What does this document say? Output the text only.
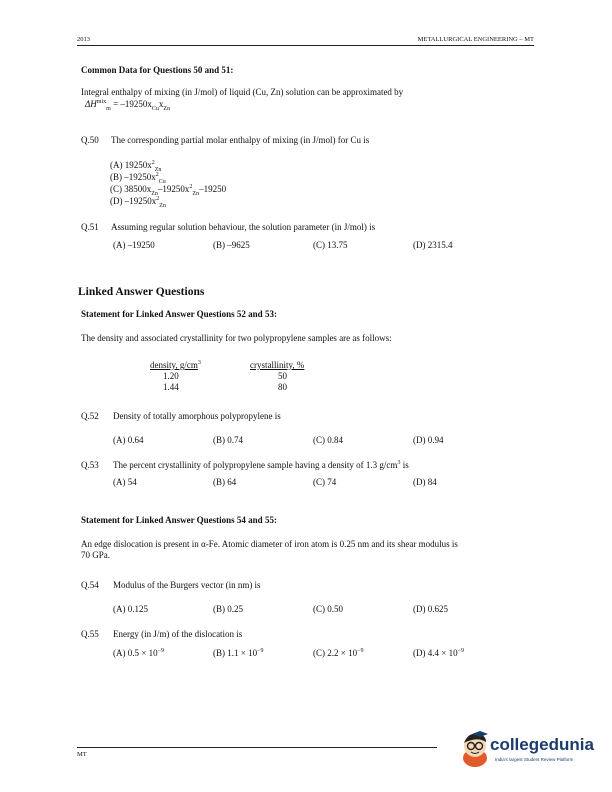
2013	METALLURGICAL ENGINEERING – MT
Common Data for Questions 50 and 51:
Integral enthalpy of mixing (in J/mol) of liquid (Cu, Zn) solution can be approximated by
$\Delta H^{mix}_m = -19250x_{Cu}x_{Zn}$
Q.50 The corresponding partial molar enthalpy of mixing (in J/mol) for Cu is
(A) $19250x^2_{Zn}$
(B) $-19250x^2_{Cu}$
(C) $38500x_{Zn}-19250x^2_{Zn}-19250$
(D) $-19250x^2_{Zn}$
Q.51 Assuming regular solution behaviour, the solution parameter (in J/mol) is
(A) –19250	(B) –9625	(C) 13.75	(D) 2315.4
Linked Answer Questions
Statement for Linked Answer Questions 52 and 53:
The density and associated crystallinity for two polypropylene samples are as follows:
density, $g/cm^3$	crystallinity, %
1.20	50
1.44	80
Q.52 Density of totally amorphous polypropylene is
(A) 0.64	(B) 0.74	(C) 0.84	(D) 0.94
Q.53 The percent crystallinity of polypropylene sample having a density of 1.3 $g/cm^3$ is
(A) 54	(B) 64	(C) 74	(D) 84
Statement for Linked Answer Questions 54 and 55:
An edge dislocation is present in α-Fe. Atomic diameter of iron atom is 0.25 nm and its shear modulus is
70 GPa.
Q.54 Modulus of the Burgers vector (in nm) is
(A) 0.125	(B) 0.25	(C) 0.50	(D) 0.625
Q.55 Energy (in J/m) of the dislocation is
(A) $0.5 \times 10^{-9}$	(B) $1.1 \times 10^{-9}$	(C) $2.2 \times 10^{-9}$	(D) $4.4 \times 10^{-9}$
MT
collegedunia
India's largest Student Review Platform
